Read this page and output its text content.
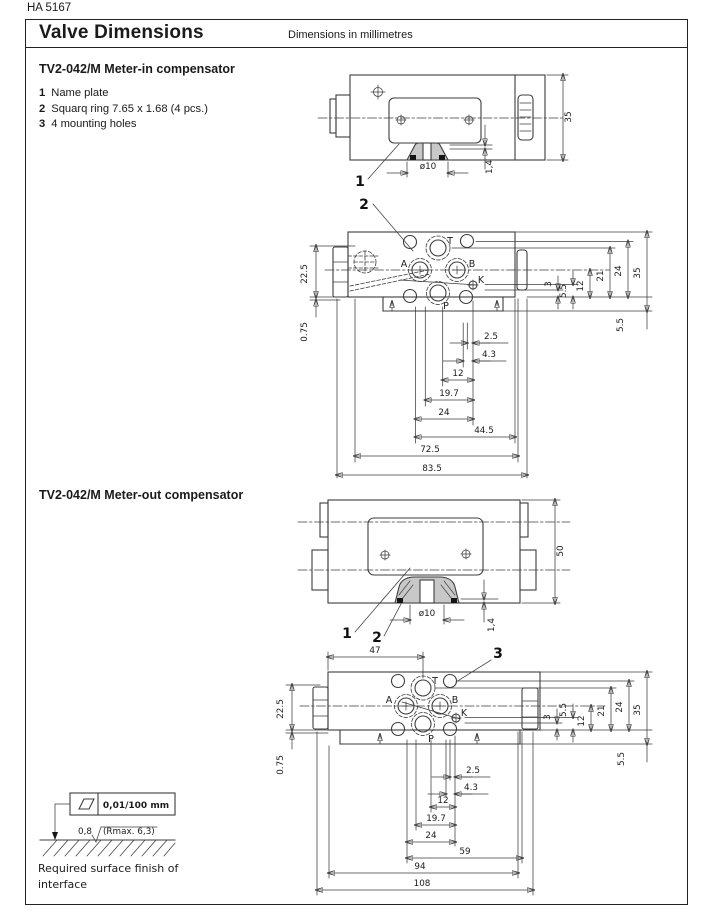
HA 5167
Valve Dimensions	Dimensions in millimetres
TV2-042/M Meter-in compensator
1 Name plate
2 Squarq ring 7.65 x 1.68 (4 pcs.)
3 4 mounting holes
TV2-042/M Meter-out compensator
ø10	1,4
35
1
2
T
A	B
P
K
22.5
0.75
3 5.5 12
21 24 35
5.5
2.5
4.3
12
19.7
24
44.5
72.5
83.5
50
ø10
1,4
1 2
T
A	B
P
K
47	3
22.5
0.75
3 5.5
12
21 24 35
5.5
2.5
4.3
12
19.7
24
59
94
108
0,01/100 mm
0,8 (Rmax. 6,3)
Required surface finish of
interface
